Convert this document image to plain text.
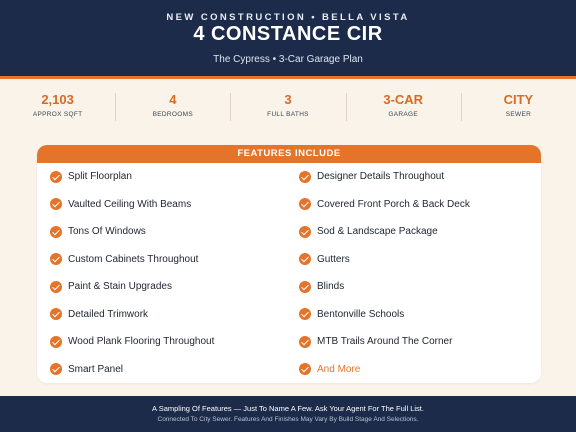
NEW CONSTRUCTION • BELLA VISTA
4 CONSTANCE CIR
The Cypress • 3-Car Garage Plan
2,103
APPROX SQFT
4
BEDROOMS
3
FULL BATHS
3-CAR
GARAGE
CITY
SEWER
FEATURES INCLUDE
Split Floorplan
Vaulted Ceiling With Beams
Tons Of Windows
Custom Cabinets Throughout
Paint & Stain Upgrades
Detailed Trimwork
Wood Plank Flooring Throughout
Smart Panel
Designer Details Throughout
Covered Front Porch & Back Deck
Sod & Landscape Package
Gutters
Blinds
Bentonville Schools
MTB Trails Around The Corner
And More
A Sampling Of Features — Just To Name A Few. Ask Your Agent For The Full List.
Connected To City Sewer. Features And Finishes May Vary By Build Stage And Selections.
